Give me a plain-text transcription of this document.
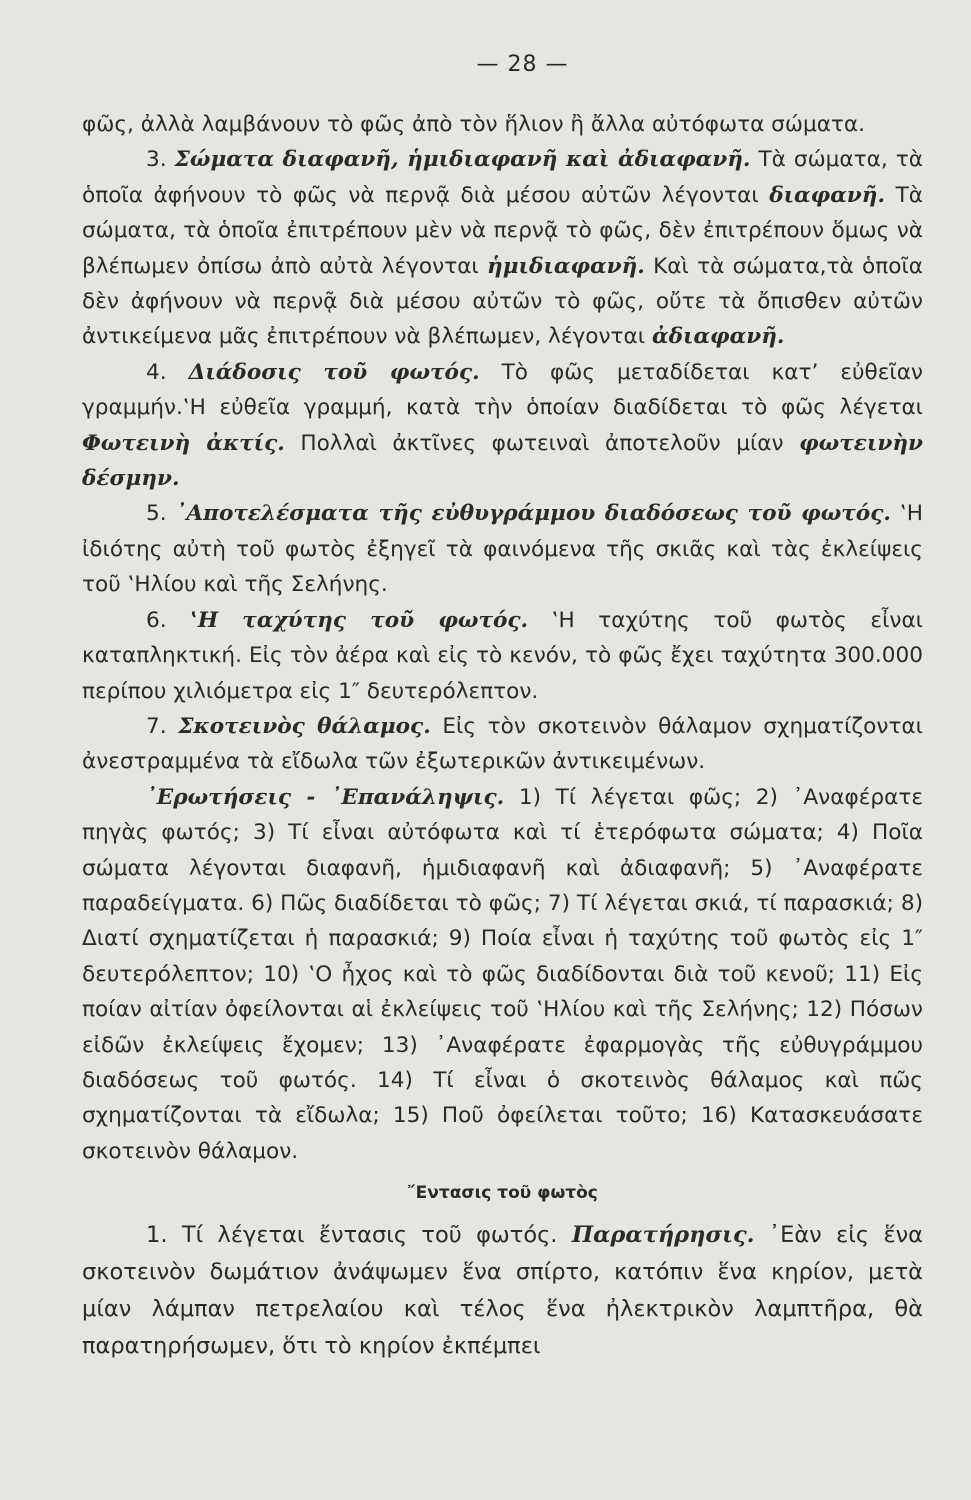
— 28 —

φῶς, ἀλλὰ λαμβάνουν τὸ φῶς ἀπὸ τὸν ἥλιον ἢ ἄλλα αὐτόφωτα σώματα.

3. Σώματα διαφανῆ, ἡμιδιαφανῆ καὶ ἀδιαφανῆ. Τὰ σώματα, τὰ ὁποῖα ἀφήνουν τὸ φῶς νὰ περνᾷ διὰ μέσου αὐτῶν λέγονται διαφανῆ. Τὰ σώματα, τὰ ὁποῖα ἐπιτρέπουν μὲν νὰ περνᾷ τὸ φῶς, δὲν ἐπιτρέπουν ὅμως νὰ βλέπωμεν ὀπίσω ἀπὸ αὐτὰ λέγονται ἡμιδιαφανῆ. Καὶ τὰ σώματα,τὰ ὁποῖα δὲν ἀφήνουν νὰ περνᾷ διὰ μέσου αὐτῶν τὸ φῶς, οὔτε τὰ ὄπισθεν αὐτῶν ἀντικείμενα μᾶς ἐπιτρέπουν νὰ βλέπωμεν, λέγονται ἀδιαφανῆ.

4. Διάδοσις τοῦ φωτός. Τὸ φῶς μεταδίδεται κατ’ εὐθεῖαν γραμμήν.‛Η εὐθεῖα γραμμή, κατὰ τὴν ὁποίαν διαδίδεται τὸ φῶς λέγεται Φωτεινὴ ἀκτίς. Πολλαὶ ἀκτῖνες φωτειναὶ ἀποτελοῦν μίαν φωτεινὴν δέσμην.

5. ᾿Αποτελέσματα τῆς εὐθυγράμμου διαδόσεως τοῦ φωτός. ‛Η ἰδιότης αὐτὴ τοῦ φωτὸς ἐξηγεῖ τὰ φαινόμενα τῆς σκιᾶς καὶ τὰς ἐκλείψεις τοῦ ‛Ηλίου καὶ τῆς Σελήνης.

6. ‛Η ταχύτης τοῦ φωτός. ‛Η ταχύτης τοῦ φωτὸς εἶναι καταπληκτική. Εἰς τὸν ἀέρα καὶ εἰς τὸ κενόν, τὸ φῶς ἔχει ταχύτητα 300.000 περίπου χιλιόμετρα εἰς 1″ δευτερόλεπτον.

7. Σκοτεινὸς θάλαμος. Εἰς τὸν σκοτεινὸν θάλαμον σχηματίζονται ἀνεστραμμένα τὰ εἴδωλα τῶν ἐξωτερικῶν ἀντικειμένων.

᾿Ερωτήσεις - ᾿Επανάληψις. 1) Τί λέγεται φῶς; 2) ᾿Αναφέρατε πηγὰς φωτός; 3) Τί εἶναι αὐτόφωτα καὶ τί ἑτερόφωτα σώματα; 4) Ποῖα σώματα λέγονται διαφανῆ, ἡμιδιαφανῆ καὶ ἀδιαφανῆ; 5) ᾿Αναφέρατε παραδείγματα. 6) Πῶς διαδίδεται τὸ φῶς; 7) Τί λέγεται σκιά, τί παρασκιά; 8) Διατί σχηματίζεται ἡ παρασκιά; 9) Ποία εἶναι ἡ ταχύτης τοῦ φωτὸς εἰς 1″ δευτερόλεπτον; 10) ‛Ο ἦχος καὶ τὸ φῶς διαδίδονται διὰ τοῦ κενοῦ; 11) Εἰς ποίαν αἰτίαν ὀφείλονται αἱ ἐκλείψεις τοῦ ‛Ηλίου καὶ τῆς Σελήνης; 12) Πόσων εἰδῶν ἐκλείψεις ἔχομεν; 13) ᾿Αναφέρατε ἐφαρμογὰς τῆς εὐθυγράμμου διαδόσεως τοῦ φωτός. 14) Τί εἶναι ὁ σκοτεινὸς θάλαμος καὶ πῶς σχηματίζονται τὰ εἴδωλα; 15) Ποῦ ὀφείλεται τοῦτο; 16) Κατασκευάσατε σκοτεινὸν θάλαμον.

῎Εντασις τοῦ φωτὸς

1. Τί λέγεται ἔντασις τοῦ φωτός. Παρατήρησις. ᾿Εὰν εἰς ἕνα σκοτεινὸν δωμάτιον ἀνάψωμεν ἕνα σπίρτο, κατόπιν ἕνα κηρίον, μετὰ μίαν λάμπαν πετρελαίου καὶ τέλος ἕνα ἠλεκτρικὸν λαμπτῆρα, θὰ παρατηρήσωμεν, ὅτι τὸ κηρίον ἐκπέμπει
